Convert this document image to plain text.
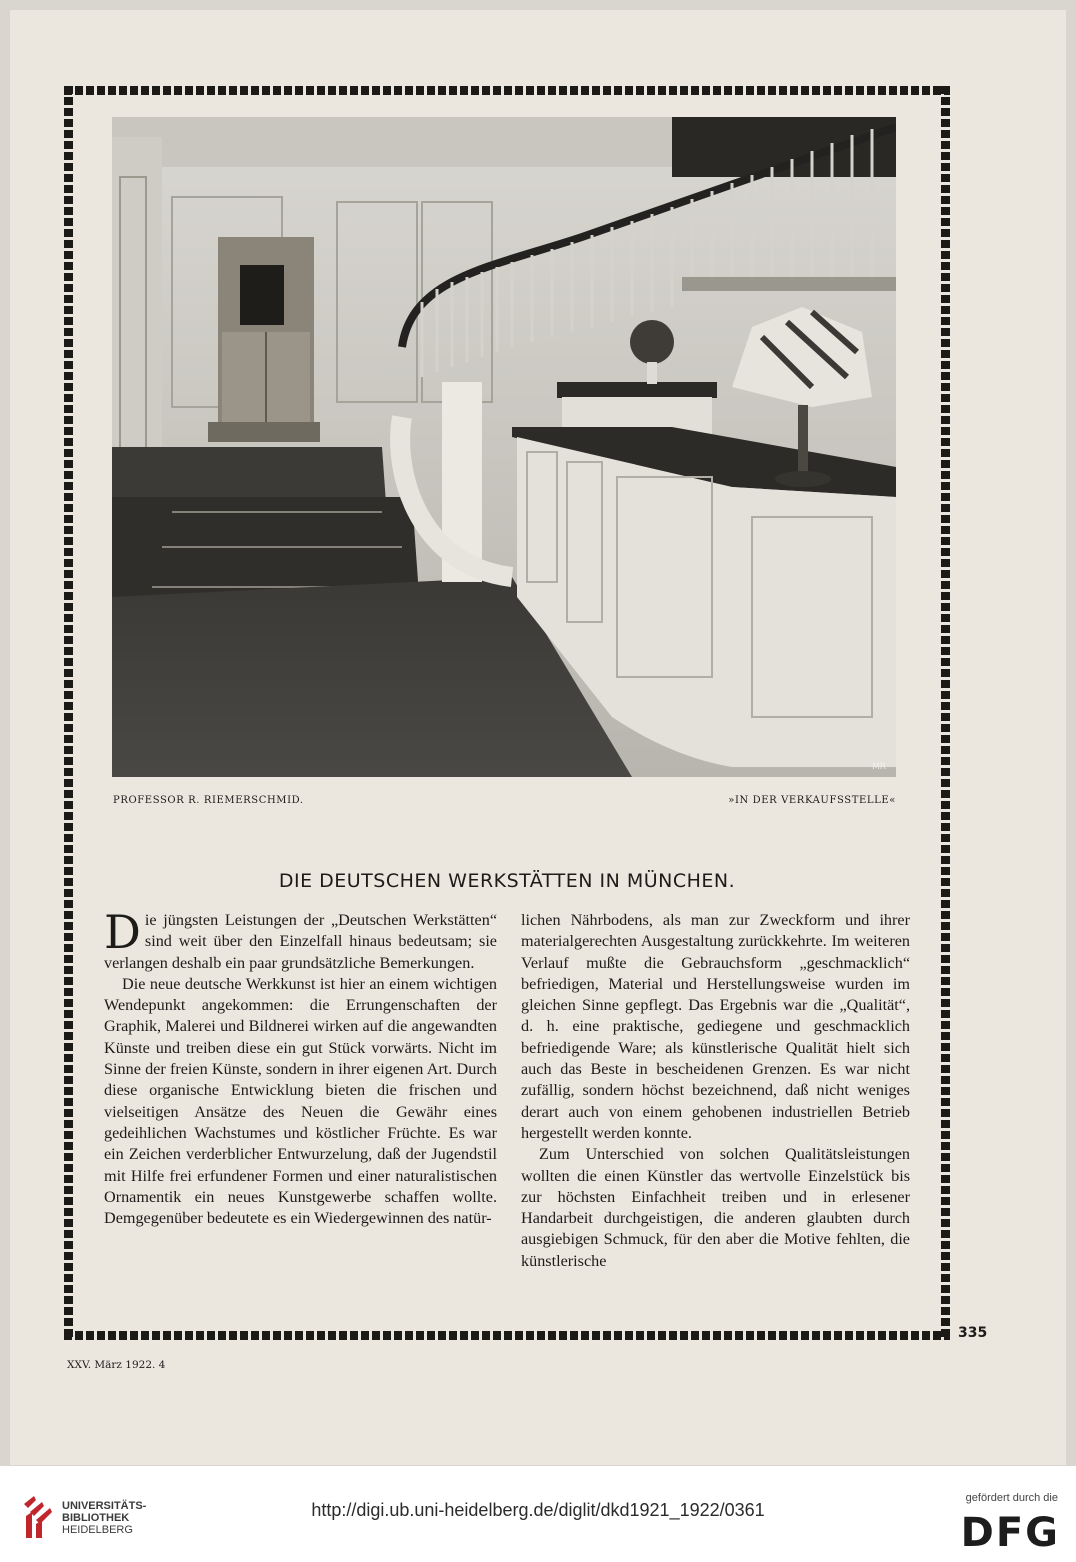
MR
PROFESSOR R. RIEMERSCHMID.	»IN DER VERKAUFSSTELLE«
DIE DEUTSCHEN WERKSTÄTTEN IN MÜNCHEN.

Die jüngsten Leistungen der „Deutschen Werkstätten“ sind weit über den Einzelfall hinaus bedeutsam; sie verlangen deshalb ein paar grundsätzliche Bemerkungen.

Die neue deutsche Werkkunst ist hier an einem wichtigen Wendepunkt angekommen: die Errungenschaften der Graphik, Malerei und Bildnerei wirken auf die angewandten Künste und treiben diese ein gut Stück vorwärts. Nicht im Sinne der freien Künste, sondern in ihrer eigenen Art. Durch diese organische Entwicklung bieten die frischen und vielseitigen Ansätze des Neuen die Gewähr eines gedeihlichen Wachstumes und köstlicher Früchte. Es war ein Zeichen verderblicher Entwurzelung, daß der Jugendstil mit Hilfe frei erfundener Formen und einer naturalistischen Ornamentik ein neues Kunstgewerbe schaffen wollte. Demgegenüber bedeutete es ein Wiedergewinnen des natür-

lichen Nährbodens, als man zur Zweckform und ihrer materialgerechten Ausgestaltung zurückkehrte. Im weiteren Verlauf mußte die Gebrauchsform „geschmacklich“ befriedigen, Material und Herstellungsweise wurden im gleichen Sinne gepflegt. Das Ergebnis war die „Qualität“, d. h. eine praktische, gediegene und geschmacklich befriedigende Ware; als künstlerische Qualität hielt sich auch das Beste in bescheidenen Grenzen. Es war nicht zufällig, sondern höchst bezeichnend, daß nicht weniges derart auch von einem gehobenen industriellen Betrieb hergestellt werden konnte.

Zum Unterschied von solchen Qualitätsleistungen wollten die einen Künstler das wertvolle Einzelstück bis zur höchsten Einfachheit treiben und in erlesener Handarbeit durchgeistigen, die anderen glaubten durch ausgiebigen Schmuck, für den aber die Motive fehlten, die künstlerische

335
XXV. März 1922. 4
UNIVERSITÄTS-
BIBLIOTHEK
HEIDELBERG
http://digi.ub.uni-heidelberg.de/diglit/dkd1921_1922/0361
gefördert durch die
DFG
